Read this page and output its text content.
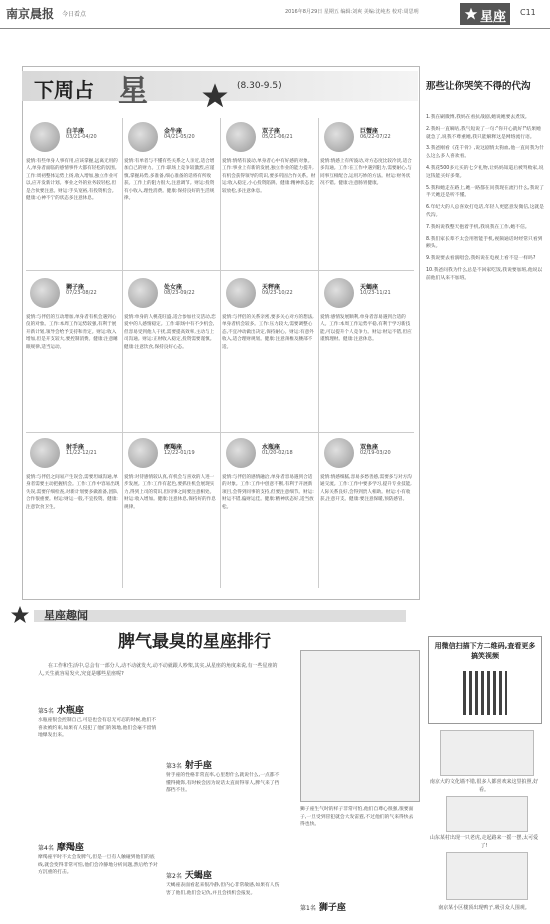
南京晨报 今日看点	2016年8月29日 星期五 编辑:刘爽 美编:沈纯杰 校对:周思明	星座 C11
下周占 星	(8.30-9.5)
白羊座
03/21-04/20
爱情:有些单身人事有用,应该掌握,远离无用的人,单身者面临的感情事件大都有轻松的氛围。工作:周初整体运势上扬,收入增加,独立作业可以,应开发新计划。事业之外的业务较轻松,但是合伙要注意。财运:手头宽裕,有投资机会。健康:心神不宁的状态多注意休息。
金牛座
04/21-05/20
爱情:有单者与不懂有些关系之人亲近,适合增加自己的财力。工作:职场上竞争较激烈,应谨慎,掌握局势,多准备,细心准备的话将有所收获。工作上的阻力很大,注意调节。财运:投资有小收入,理性消费。健康:保持良好的生活规律。
双子座
05/21-06/21
爱情:情绪有波动,单身者心中有好感的对象。工作:事业上有新的发展,独立作业的能力提升,有机会获得领导的赏识,要多巩固合作关系。财运:收入稳定,小心投资陷阱。健康:精神状态比较放松,多注意休息。
巨蟹座
06/22-07/22
爱情:情感上有所波动,对方态度比较冷淡,适合多沟通。工作:在工作中遇到阻力,需要耐心,与同事互相配合,运用巧妙的方法。财运:财务状况不错。健康:注意肠胃健康。
狮子座
07/23-08/22
爱情:与伴侣的互动增加,单身者有机会遇到心仪的对象。工作:本周工作运势较强,有利于展开新计划,领导会给予支持和肯定。财运:收入增加,但是开支较大,要控制消费。健康:注意睡眠规律,适当运动。
处女座
08/23-09/22
爱情:单身的人桃花旺盛,适合参加社交活动,恋爱中的人感情稳定。工作:职场中有不少机会,但容易受到他人干扰,需要提高效率,主动与上司沟通。财运:正财收入稳定,投资需要谨慎。健康:注意饮食,保持良好心态。
天秤座
09/23-10/22
爱情:与伴侣的关系亲密,要多关心对方的想法,单身者机会较多。工作:压力较大,需要调整心态,不宜冲动做出决定,保持耐心。财运:有意外收入,适合理财规划。健康:注意颈椎及腰部不适。
天蝎座
10/23-11/21
爱情:感情发展顺利,单身者容易遇到合适的人。工作:本周工作运势平稳,有利于学习新技能,可以提升个人竞争力。财运:财运不错,但应谨慎理财。健康:注意休息。
射手座
11/22-12/21
爱情:与伴侣之间易产生误会,需要坦诚沟通,单身者需要主动把握机会。工作:工作中容易出现失误,需要仔细检查,对新计划要多做准备,团队合作很重要。财运:财运一般,不宜投资。健康:注意饮食卫生。
摩羯座
12/22-01/19
爱情:对待感情较认真,有机会与喜欢的人进一步发展。工作:工作有起色,要抓住机会展现实力,得到上司的赏识,但同事之间要注意相处。财运:收入增加。健康:注意休息,保持好的作息规律。
水瓶座
01/20-02/18
爱情:与伴侣的感情融洽,单身者容易遇到合适的对象。工作:工作中创意不断,有利于开展新项目,会得到同事的支持,但要注意细节。财运:财运不错,偏财运佳。健康:精神状态好,适当放松。
双鱼座
02/19-03/20
爱情:情感细腻,容易多愁善感,需要多与对方沟通交流。工作:工作中要多学习,提升专业技能,人际关系良好,会得到贵人相助。财运:小有收获,注意开支。健康:要注意保暖,预防感冒。
那些让你哭笑不得的代沟

1.我在刷微博,我妈在看抗战剧,她说她要去煮饭。

2.我妈一直嘀咕,我气短说了一句:"你开心就好!"结果她就急了,说我不尊重她,我只能解释这是网络流行语。

3.我爸刚看《花千骨》,说这剧情太狗血,他一直问我为什么这么多人喜欢看。

4.我花500多元买的七夕礼物,让妈妈知道后被骂败家,说这钱能买好多菜。

5.我和她走在路上,她一路都在问我现在流行什么,我说了半天她还是听不懂。

6.年纪大的人总喜欢打电话,年轻人更愿意发微信,这就是代沟。

7.我妈说我整天抱着手机,我说我在工作,她不信。

8.我们家长辈不太会用智能手机,视频通话时经常只看到额头。

9.我说要去看演唱会,我妈说在电视上看不是一样吗?

10.我爸问我为什么总是不回家吃饭,我说要加班,他说以前他们从来不加班。

用微信扫描下方二维码,查看更多搞笑视频
南京大的文化墙不错,很多人都喜欢来这里拍照,好看。
山东某村出现一只老虎,走起路来一摇一摆,太可爱了!
南京某小区楼顶出现鸭子,吸引众人围观。
星座趣闻
脾气最臭的星座排行
在工作和生活中,总会有一部分人,动不动就发火,动不动就跟人吵架,其实,从星座的角度来说,有一些星座的人,天生就容易发火,究竟是哪些星座呢?
第5名 水瓶座
水瓶座很会控制自己,可是也会有忍无可忍的时候,他们不喜欢被约束,如果有人侵犯了他们的领地,他们会毫不留情地爆发出来。
第4名 摩羯座
摩羯座平时不太会发脾气,但是一旦有人触碰到他们的底线,就会变得非常可怕,他们会冷静地分析问题,然后给予对方沉重的打击。
第3名 射手座
射手座的性格非常直率,心里想什么就说什么,一点都不懂得掩饰,有时候会因为说话太直而得罪人,脾气来了挡都挡不住。
第2名 天蝎座
天蝎座表面看起来很冷静,但内心非常敏感,如果有人伤害了他们,他们会记仇,并且会找机会报复。
第1名 狮子座
狮子座生气时的样子非常可怕,他们自尊心很强,很要面子,一旦受到冒犯就会大发雷霆,不过他们的气来得快去得也快。
